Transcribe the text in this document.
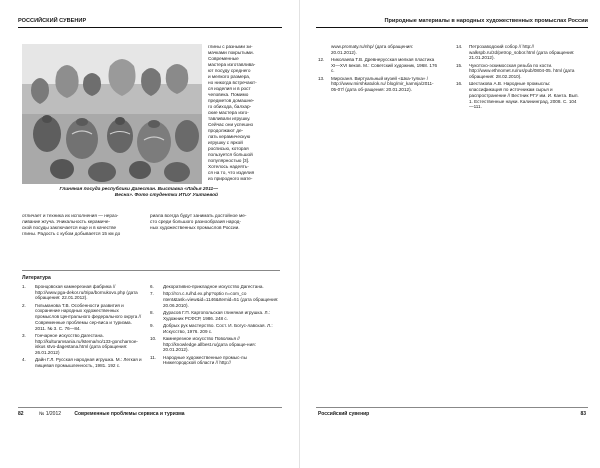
РОССИЙСКИЙ СУВЕНИР
Глиняная посуда республики Дагестан. Выставка «Ладья 2011—Весна». Фото студентки ИТиУ Уштаевой

глины с разными зи-

мачками покрытыми.

Современные

мастера изготавлива-

ют посуду среднего

и мелкого размера,

но никогда встречают-

ся изделия и в рост

человека. Помимо

предметов домашне-

го обихода, балхар-

ские мастера изго-

тавливали игрушку.

Сейчас они успешно

продолжают де-

лать керамическую

игрушку с яркой

росписью, которая

пользуется большой

популярностью [3].

Хотелось надеять-

ся на то, что изделия

из природного мате-

отличает и техника их исполнения — нераз-

ливание жгуча. Уникальность керамиче-

ской посуды заключается еще и в качестве

глины. Радость с кубом добывается 15 км до

риала всегда будут занимать достойное ме-

сто среди большого разнообразия народ-

ных художественных промыслов России.

Литература
1.	Бронцовская камнерезная фабрика // http://www.pga-dekor.ru/tripa/bornukovo.php (дата обращения: 22.01.2012).
2.	Гильманова Т.В. Особенности развития и сохранение народных художественных промыслов Центрального федерального округа // Современные проблемы сер-виса и туризма. 2011. № 3. С. 76—84.
3.	Гончарное искусство Дагестана. http://kulturamsania.ru/lstema/no/133-goncharnoe-iskus stvo-dagestana.html (дата обращения: 26.01.2012)
4.	Дайн Г.Л. Русская народная игрушка. М.: Легкая и пищевая промышленность, 1981. 192 с.
6.	Декоративно-прикладное искусство Дагестана.
7.	http://rcn.c.ru/hd.ex.php?optio n=com_co ntent&task=view&id=1146&Itemid=51 (дата обращения: 20.06.2010).
8.	Дурасов Г.П. Каргопольская глиняная игрушка. Л.: Художник РСФСР, 1986. 248 с.
9.	Добрых рук мастерство. Сост. И. Богус-лавская. Л.: Искусство, 1976. 209 с.
10.	Камнерезное искусство Поволжья // http://knowledge.allbest.ru(дата обраще-ния: 20.01.2012).
11.	Народные художественные промыс-лы Нижегородской области // http://
82	№ 1/2012	Современные проблемы сервиса и туризма
Природные материалы в народных художественных промыслах России
www.promaty.ru/nhp/ (дата обращения: 20.01.2012).
12.	Николаева Т.В. Древнерусская мелкая пластика XI—XVI веков. М.: Советский художник, 1968. 176 с.
13.	Мирсканя. Виртуальный музей «Шка-тулка» / http://www.mirshkatulok.ru/ blog/mir_kamnja/2011-05-07/ (дата об-ращения: 20.01.2012).
14.	Петрозаводский собор // http:// walkspb.ru/zd/petrop_sobor.html (дата обращения: 21.01.2012).
15.	Чукотско-эскимосская резьба по кости. http://www.ethnomet.ru/rus/pub/0804-05. html (дата обращения: 28.02.2010).
16.	Шестакова А.В. Народные промыслы: классификация по источникам сырья и распространение // Вестник РГУ им. И. Канта. Вып. 1. Естественные науки. Калининград, 2008. С. 104—111.
Российский сувенир	83
